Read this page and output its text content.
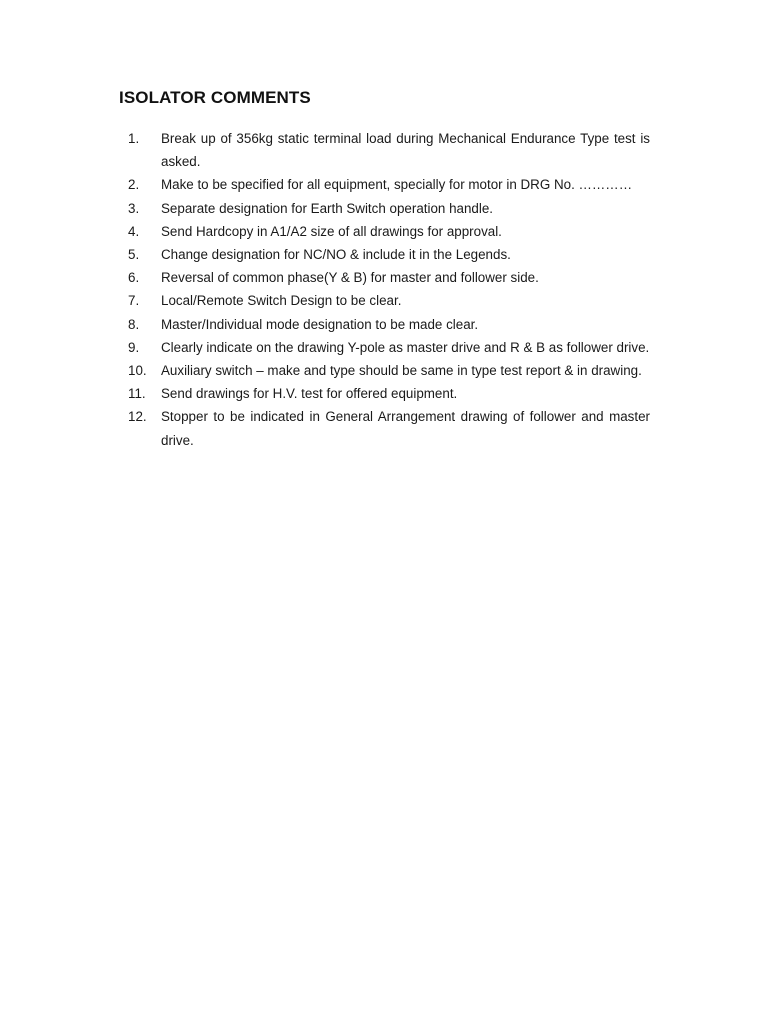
ISOLATOR COMMENTS
1. Break up of 356kg static terminal load during Mechanical Endurance Type test is asked.
2. Make to be specified for all equipment, specially for motor in DRG No. …………
3. Separate designation for Earth Switch operation handle.
4. Send Hardcopy in A1/A2 size of all drawings for approval.
5. Change designation for NC/NO & include it in the Legends.
6. Reversal of common phase(Y & B) for master and follower side.
7. Local/Remote Switch Design to be clear.
8. Master/Individual mode designation to be made clear.
9. Clearly indicate on the drawing Y-pole as master drive and R & B as follower drive.
10. Auxiliary switch – make and type should be same in type test report & in drawing.
11. Send drawings for H.V. test for offered equipment.
12. Stopper to be indicated in General Arrangement drawing of follower and master drive.
